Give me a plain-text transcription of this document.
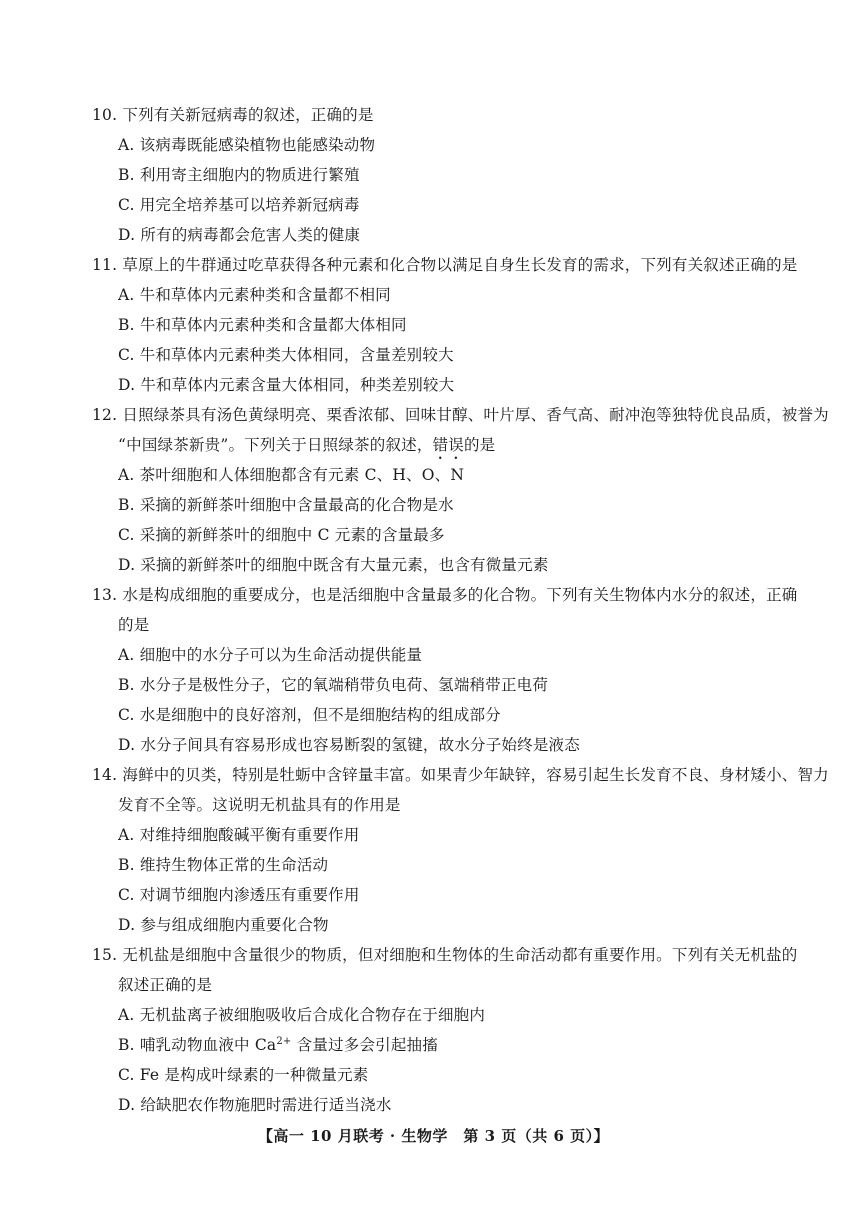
10. 下列有关新冠病毒的叙述，正确的是
A. 该病毒既能感染植物也能感染动物
B. 利用寄主细胞内的物质进行繁殖
C. 用完全培养基可以培养新冠病毒
D. 所有的病毒都会危害人类的健康
11. 草原上的牛群通过吃草获得各种元素和化合物以满足自身生长发育的需求，下列有关叙述正确的是
A. 牛和草体内元素种类和含量都不相同
B. 牛和草体内元素种类和含量都大体相同
C. 牛和草体内元素种类大体相同，含量差别较大
D. 牛和草体内元素含量大体相同，种类差别较大
12. 日照绿茶具有汤色黄绿明亮、栗香浓郁、回味甘醇、叶片厚、香气高、耐冲泡等独特优良品质，被誉为
“中国绿茶新贵”。下列关于日照绿茶的叙述，错误的是
A. 茶叶细胞和人体细胞都含有元素 C、H、O、N
B. 采摘的新鲜茶叶细胞中含量最高的化合物是水
C. 采摘的新鲜茶叶的细胞中 C 元素的含量最多
D. 采摘的新鲜茶叶的细胞中既含有大量元素，也含有微量元素
13. 水是构成细胞的重要成分，也是活细胞中含量最多的化合物。下列有关生物体内水分的叙述，正确
的是
A. 细胞中的水分子可以为生命活动提供能量
B. 水分子是极性分子，它的氧端稍带负电荷、氢端稍带正电荷
C. 水是细胞中的良好溶剂，但不是细胞结构的组成部分
D. 水分子间具有容易形成也容易断裂的氢键，故水分子始终是液态
14. 海鲜中的贝类，特别是牡蛎中含锌量丰富。如果青少年缺锌，容易引起生长发育不良、身材矮小、智力
发育不全等。这说明无机盐具有的作用是
A. 对维持细胞酸碱平衡有重要作用
B. 维持生物体正常的生命活动
C. 对调节细胞内渗透压有重要作用
D. 参与组成细胞内重要化合物
15. 无机盐是细胞中含量很少的物质，但对细胞和生物体的生命活动都有重要作用。下列有关无机盐的
叙述正确的是
A. 无机盐离子被细胞吸收后合成化合物存在于细胞内
B. 哺乳动物血液中 $Ca^{2+}$ 含量过多会引起抽搐
C. Fe 是构成叶绿素的一种微量元素
D. 给缺肥农作物施肥时需进行适当浇水
【高一 10 月联考 · 生物学　第 3 页（共 6 页）】
